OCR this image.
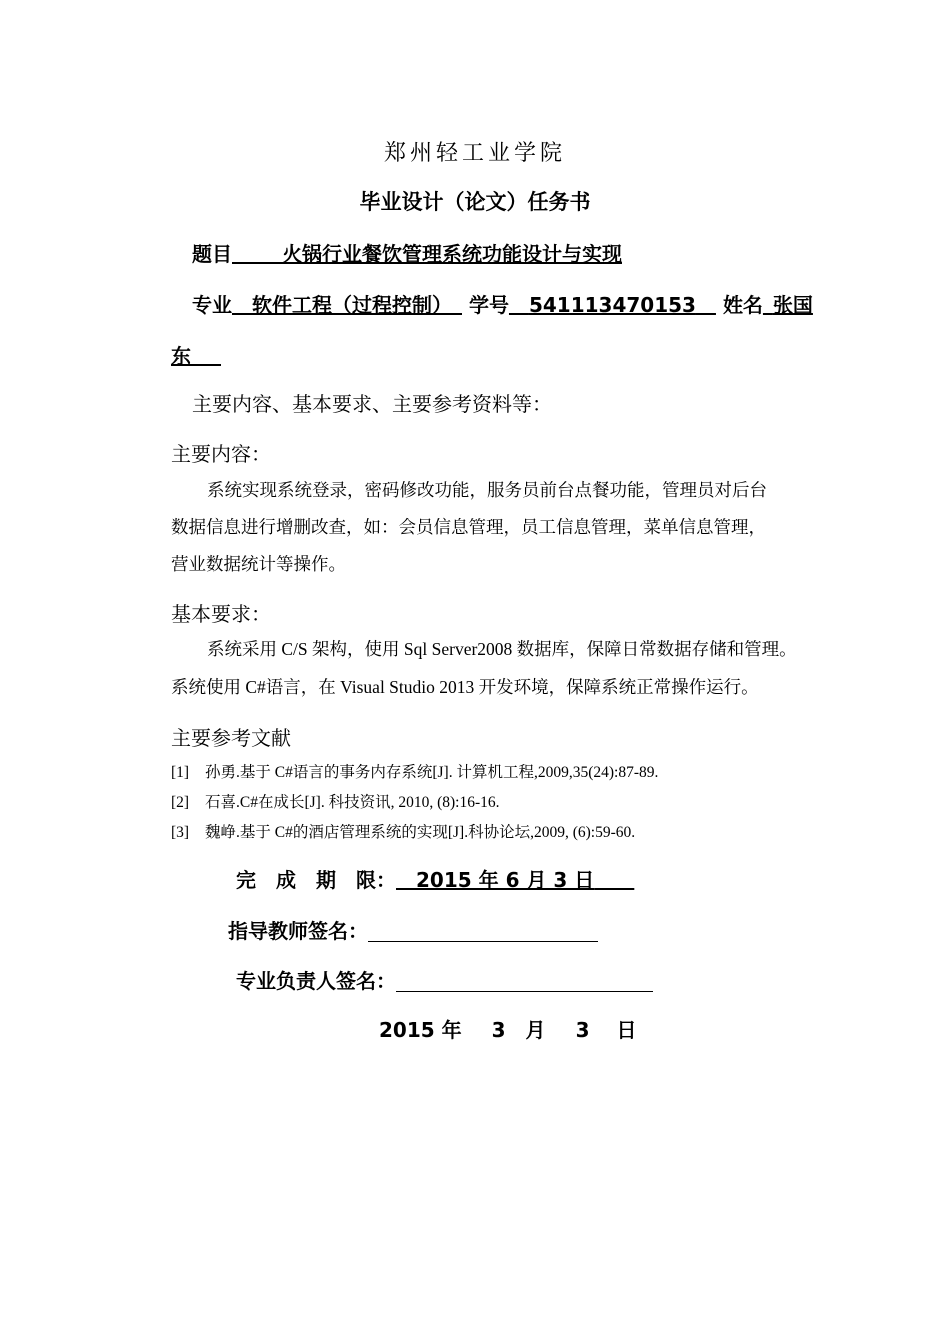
郑州轻工业学院
毕业设计（论文）任务书
题目   	火锅行业餐饮管理系统功能设计与实现
专业   软件工程（过程控制）  学号   541113470153   姓名  张国
东  
主要内容、基本要求、主要参考资料等：
主要内容：
系统实现系统登录，密码修改功能，服务员前台点餐功能，管理员对后台
数据信息进行增删改查，如：会员信息管理，员工信息管理，菜单信息管理，
营业数据统计等操作。
基本要求：
系统采用 C/S 架构，使用 Sql Server2008 数据库，保障日常数据存储和管理。
系统使用 C#语言，在 Visual Studio 2013 开发环境，保障系统正常操作运行。
主要参考文献
[1] 孙勇.基于 C#语言的事务内存系统[J]. 计算机工程,2009,35(24):87-89.
[2] 石喜.C#在成长[J]. 科技资讯, 2010, (8):16-16.
[3] 魏峥.基于 C#的酒店管理系统的实现[J].科协论坛,2009, (6):59-60.
完　成　期　限：   2015 年 6 月 3 日  
指导教师签名：
专业负责人签名：
2015 年   3　月   3　 日
